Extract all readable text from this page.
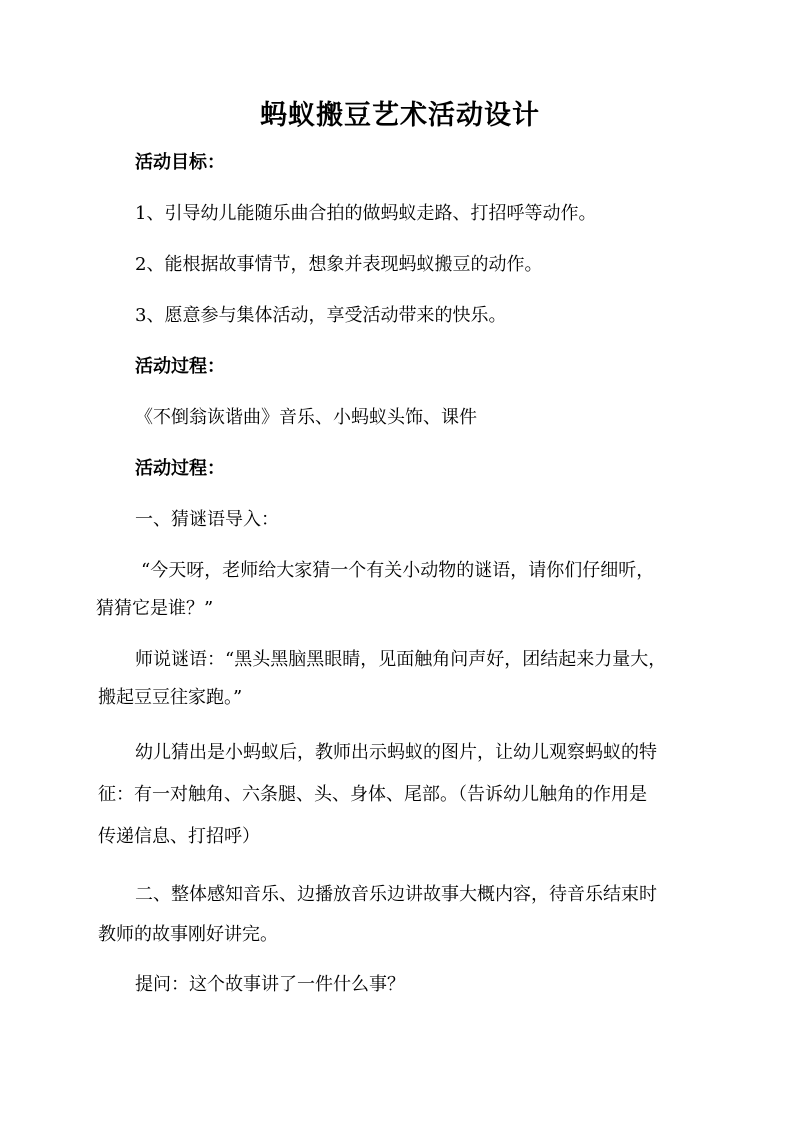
蚂蚁搬豆艺术活动设计

活动目标：

1、引导幼儿能随乐曲合拍的做蚂蚁走路、打招呼等动作。

2、能根据故事情节，想象并表现蚂蚁搬豆的动作。

3、愿意参与集体活动，享受活动带来的快乐。

活动过程：

《不倒翁诙谐曲》音乐、小蚂蚁头饰、课件

活动过程：

一、猜谜语导入：

“今天呀，老师给大家猜一个有关小动物的谜语，请你们仔细听，
猜猜它是谁？”
师说谜语：“黑头黑脑黑眼睛，见面触角问声好，团结起来力量大，
搬起豆豆往家跑。”
幼儿猜出是小蚂蚁后，教师出示蚂蚁的图片，让幼儿观察蚂蚁的特
征：有一对触角、六条腿、头、身体、尾部。（告诉幼儿触角的作用是
传递信息、打招呼）
二、整体感知音乐、边播放音乐边讲故事大概内容，待音乐结束时
教师的故事刚好讲完。

提问：这个故事讲了一件什么事？
